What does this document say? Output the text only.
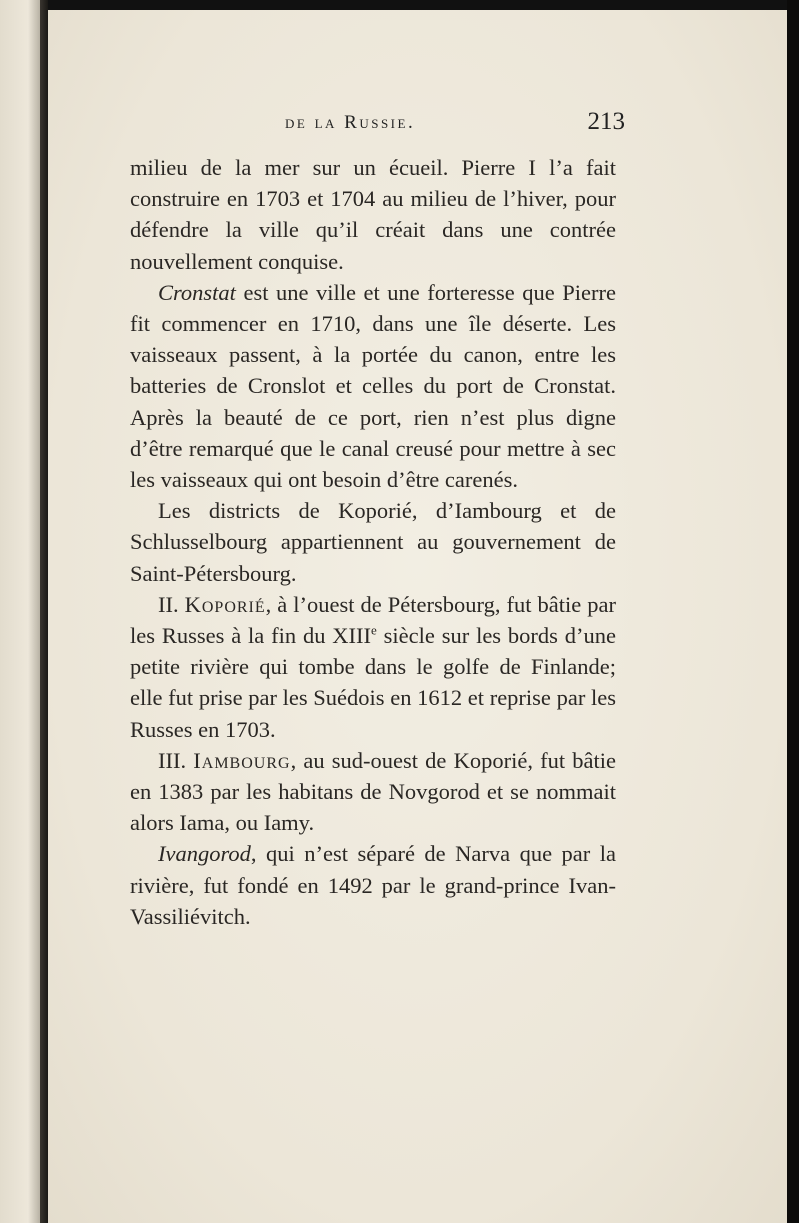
de la Russie.	213

milieu de la mer sur un écueil. Pierre I l’a fait construire en 1703 et 1704 au milieu de l’hiver, pour défendre la ville qu’il créait dans une contrée nouvellement conquise.

Cronstat est une ville et une forteresse que Pierre fit commencer en 1710, dans une île déserte. Les vaisseaux passent, à la portée du canon, entre les batteries de Cronslot et celles du port de Cronstat. Après la beauté de ce port, rien n’est plus digne d’être remarqué que le canal creusé pour mettre à sec les vaisseaux qui ont besoin d’être carenés.

Les districts de Koporié, d’Iambourg et de Schlusselbourg appartiennent au gouvernement de Saint-Pétersbourg.

II. Koporié, à l’ouest de Pétersbourg, fut bâtie par les Russes à la fin du XIIIe siècle sur les bords d’une petite rivière qui tombe dans le golfe de Finlande; elle fut prise par les Suédois en 1612 et reprise par les Russes en 1703.

III. Iambourg, au sud-ouest de Koporié, fut bâtie en 1383 par les habitans de Novgorod et se nommait alors Iama, ou Iamy.

Ivangorod, qui n’est séparé de Narva que par la rivière, fut fondé en 1492 par le grand-prince Ivan-Vassiliévitch.
